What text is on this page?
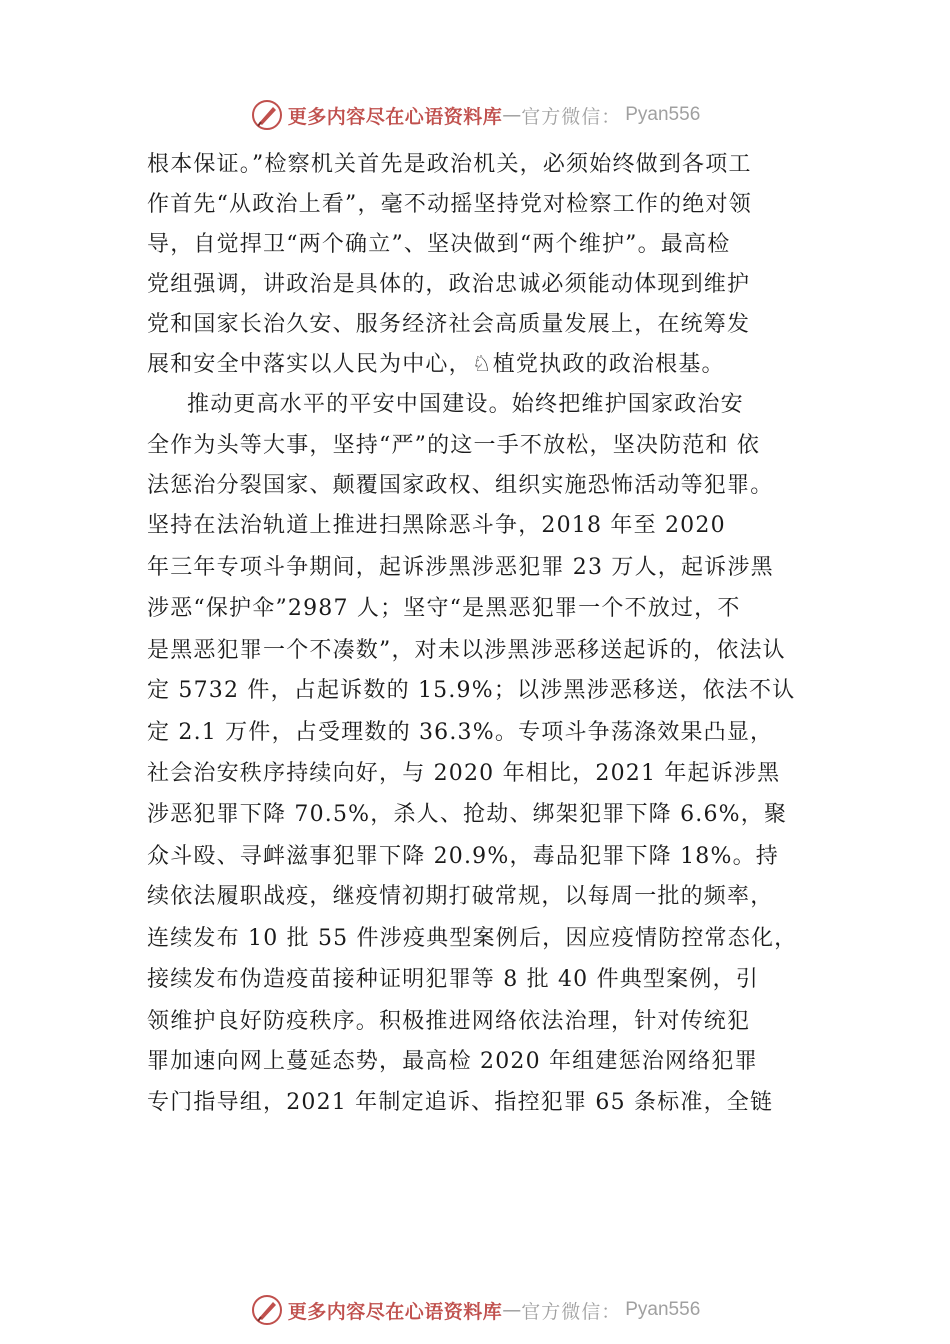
更多内容尽在心语资料库 — 官方微信： Pyan556
根本保证。”检察机关首先是政治机关，必须始终做到各项工
作首先“从政治上看”，毫不动摇坚持党对检察工作的绝对领
导，自觉捍卫“两个确立”、坚决做到“两个维护”。最高检
党组强调，讲政治是具体的，政治忠诚必须能动体现到维护
党和国家长治久安、服务经济社会高质量发展上，在统筹发
展和安全中落实以人民为中心，♘植党执政的政治根基。
推动更高水平的平安中国建设。始终把维护国家政治安
全作为头等大事，坚持“严”的这一手不放松，坚决防范和 依
法惩治分裂国家、颠覆国家政权、组织实施恐怖活动等犯罪。
坚持在法治轨道上推进扫黑除恶斗争，2018 年至 2020
年三年专项斗争期间，起诉涉黑涉恶犯罪 23 万人，起诉涉黑
涉恶“保护伞”2987 人；坚守“是黑恶犯罪一个不放过，不
是黑恶犯罪一个不凑数”，对未以涉黑涉恶移送起诉的，依法认
定 5732 件，占起诉数的 15.9%；以涉黑涉恶移送，依法不认
定 2.1 万件，占受理数的 36.3%。专项斗争荡涤效果凸显，
社会治安秩序持续向好，与 2020 年相比，2021 年起诉涉黑
涉恶犯罪下降 70.5%，杀人、抢劫、绑架犯罪下降 6.6%，聚
众斗殴、寻衅滋事犯罪下降 20.9%，毒品犯罪下降 18%。持
续依法履职战疫，继疫情初期打破常规，以每周一批的频率，
连续发布 10 批 55 件涉疫典型案例后，因应疫情防控常态化，
接续发布伪造疫苗接种证明犯罪等 8 批 40 件典型案例，引
领维护良好防疫秩序。积极推进网络依法治理，针对传统犯
罪加速向网上蔓延态势，最高检 2020 年组建惩治网络犯罪
专门指导组，2021 年制定追诉、指控犯罪 65 条标准，全链
更多内容尽在心语资料库 — 官方微信： Pyan556
